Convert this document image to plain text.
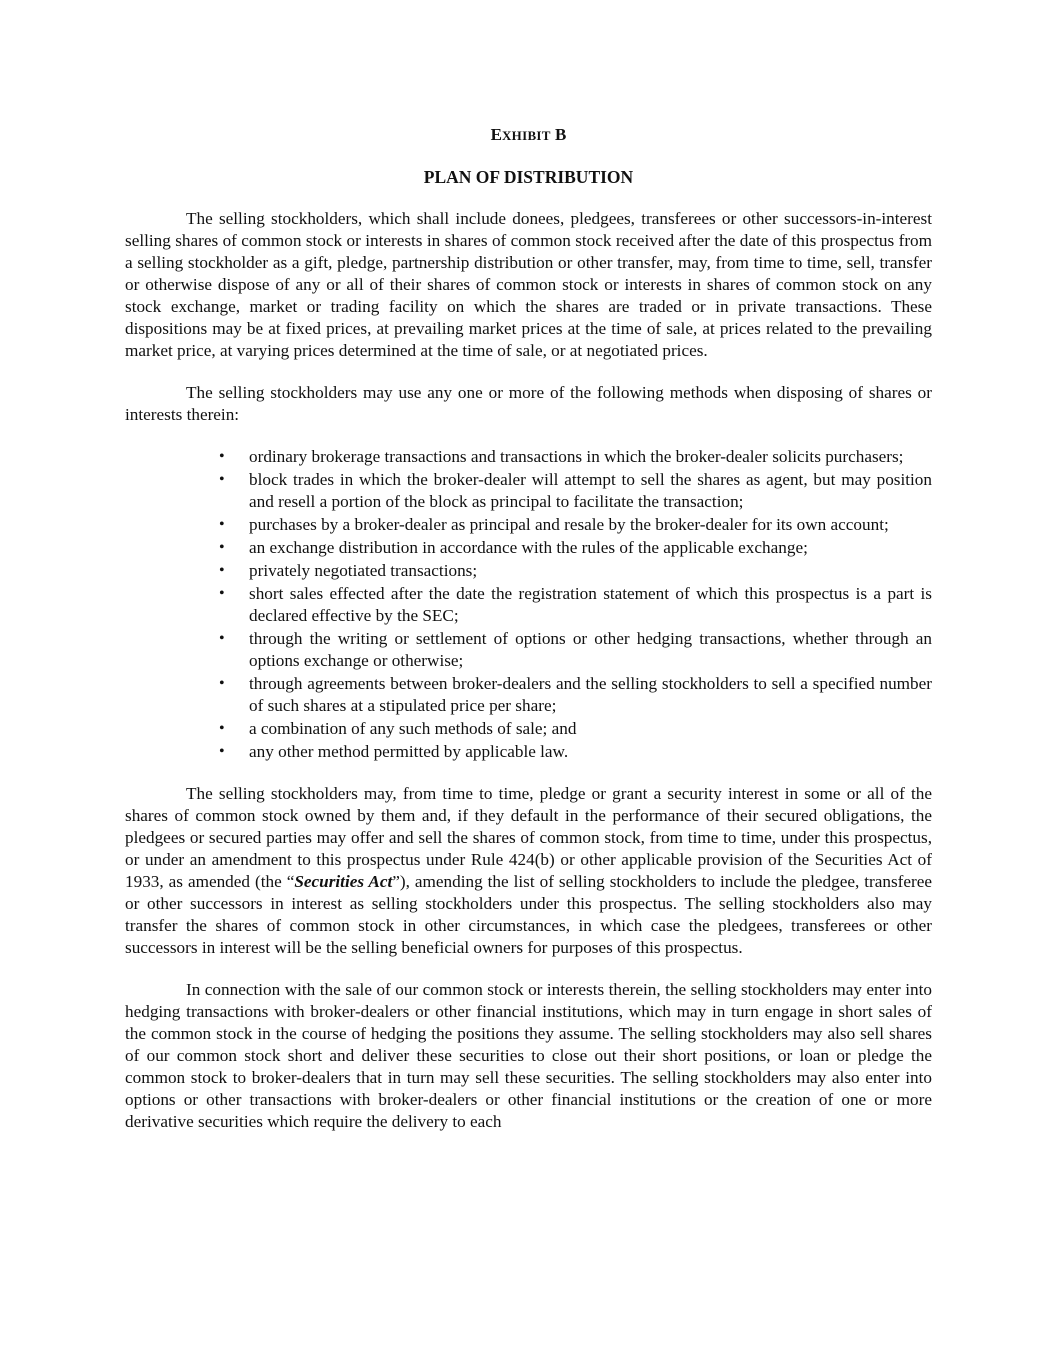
EXHIBIT B
PLAN OF DISTRIBUTION

The selling stockholders, which shall include donees, pledgees, transferees or other successors-in-interest selling shares of common stock or interests in shares of common stock received after the date of this prospectus from a selling stockholder as a gift, pledge, partnership distribution or other transfer, may, from time to time, sell, transfer or otherwise dispose of any or all of their shares of common stock or interests in shares of common stock on any stock exchange, market or trading facility on which the shares are traded or in private transactions. These dispositions may be at fixed prices, at prevailing market prices at the time of sale, at prices related to the prevailing market price, at varying prices determined at the time of sale, or at negotiated prices.

The selling stockholders may use any one or more of the following methods when disposing of shares or interests therein:

• ordinary brokerage transactions and transactions in which the broker-dealer solicits purchasers;
• block trades in which the broker-dealer will attempt to sell the shares as agent, but may position and resell a portion of the block as principal to facilitate the transaction;
• purchases by a broker-dealer as principal and resale by the broker-dealer for its own account;
• an exchange distribution in accordance with the rules of the applicable exchange;
• privately negotiated transactions;
• short sales effected after the date the registration statement of which this prospectus is a part is declared effective by the SEC;
• through the writing or settlement of options or other hedging transactions, whether through an options exchange or otherwise;
• through agreements between broker-dealers and the selling stockholders to sell a specified number of such shares at a stipulated price per share;
• a combination of any such methods of sale; and
• any other method permitted by applicable law.

The selling stockholders may, from time to time, pledge or grant a security interest in some or all of the shares of common stock owned by them and, if they default in the performance of their secured obligations, the pledgees or secured parties may offer and sell the shares of common stock, from time to time, under this prospectus, or under an amendment to this prospectus under Rule 424(b) or other applicable provision of the Securities Act of 1933, as amended (the “Securities Act”), amending the list of selling stockholders to include the pledgee, transferee or other successors in interest as selling stockholders under this prospectus. The selling stockholders also may transfer the shares of common stock in other circumstances, in which case the pledgees, transferees or other successors in interest will be the selling beneficial owners for purposes of this prospectus.

In connection with the sale of our common stock or interests therein, the selling stockholders may enter into hedging transactions with broker-dealers or other financial institutions, which may in turn engage in short sales of the common stock in the course of hedging the positions they assume. The selling stockholders may also sell shares of our common stock short and deliver these securities to close out their short positions, or loan or pledge the common stock to broker-dealers that in turn may sell these securities. The selling stockholders may also enter into options or other transactions with broker-dealers or other financial institutions or the creation of one or more derivative securities which require the delivery to each
